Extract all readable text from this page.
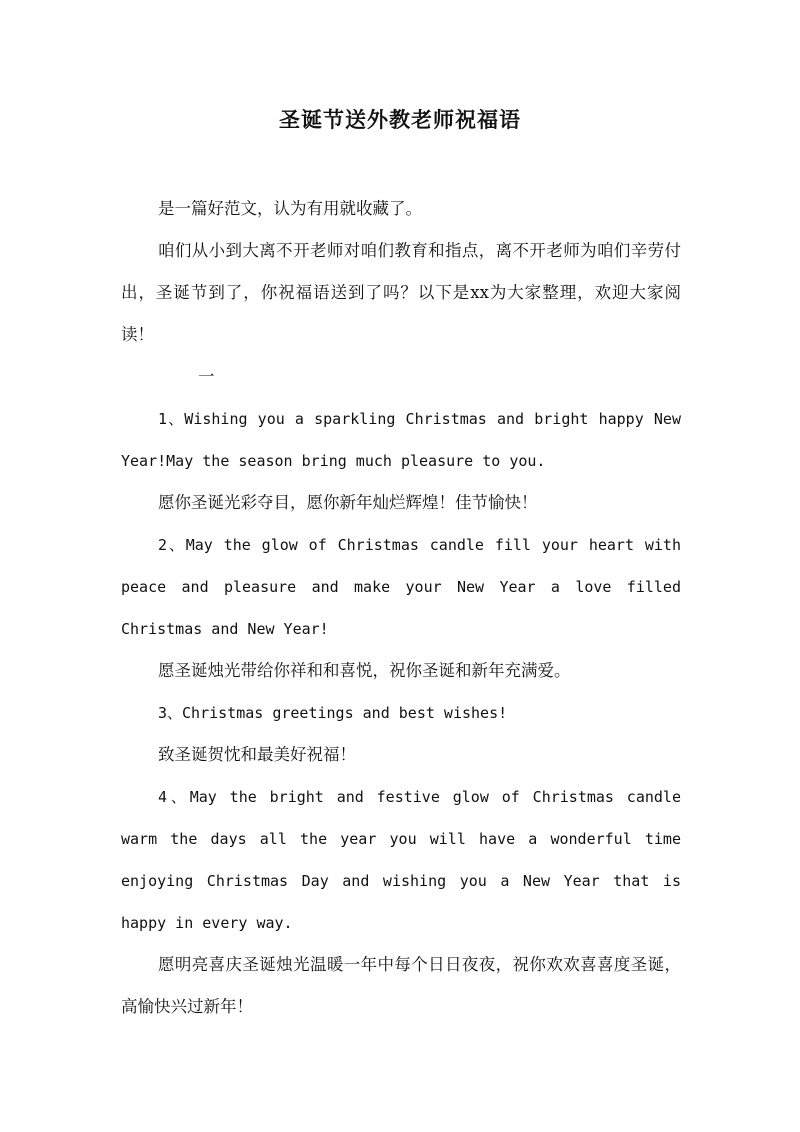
圣诞节送外教老师祝福语

是一篇好范文，认为有用就收藏了。

咱们从小到大离不开老师对咱们教育和指点，离不开老师为咱们辛劳付出，圣诞节到了，你祝福语送到了吗？以下是xx为大家整理，欢迎大家阅读！

一

1、Wishing you a sparkling Christmas and bright happy New Year!May the season bring much pleasure to you.

愿你圣诞光彩夺目，愿你新年灿烂辉煌！佳节愉快！

2、May the glow of Christmas candle fill your heart with peace and pleasure and make your New Year a love filled Christmas and New Year!

愿圣诞烛光带给你祥和和喜悦，祝你圣诞和新年充满爱。

3、Christmas greetings and best wishes!

致圣诞贺忱和最美好祝福！

4、May the bright and festive glow of Christmas candle warm the days all the year you will have a wonderful time enjoying Christmas Day and wishing you a New Year that is happy in every way.

愿明亮喜庆圣诞烛光温暖一年中每个日日夜夜，祝你欢欢喜喜度圣诞，高愉快兴过新年！
